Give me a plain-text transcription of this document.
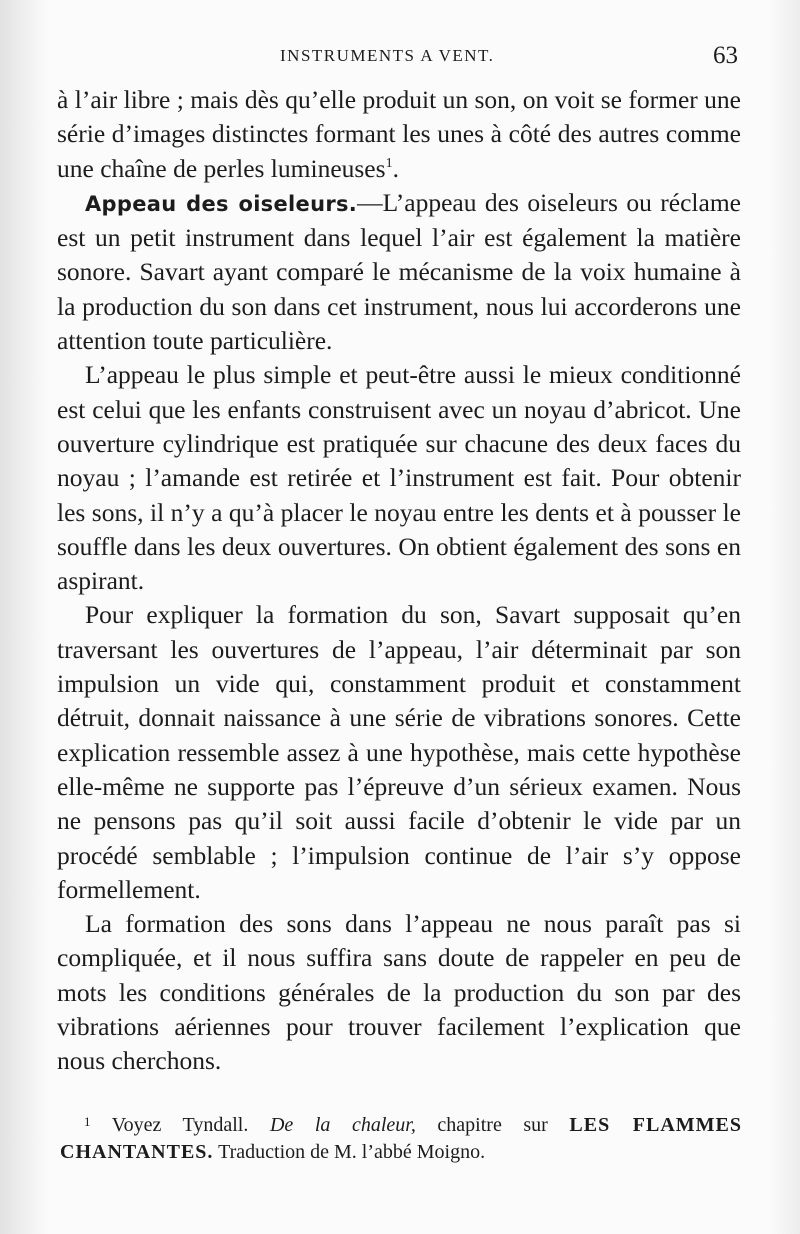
INSTRUMENTS A VENT.	63

à l’air libre ; mais dès qu’elle produit un son, on voit se former une série d’images distinctes formant les unes à côté des autres comme une chaîne de perles lumineuses$^1$.

Appeau des oiseleurs.—L’appeau des oiseleurs ou réclame est un petit instrument dans lequel l’air est également la matière sonore. Savart ayant comparé le mécanisme de la voix humaine à la production du son dans cet instrument, nous lui accorderons une attention toute particulière.

L’appeau le plus simple et peut-être aussi le mieux conditionné est celui que les enfants construisent avec un noyau d’abricot. Une ouverture cylindrique est pratiquée sur chacune des deux faces du noyau ; l’amande est retirée et l’instrument est fait. Pour obtenir les sons, il n’y a qu’à placer le noyau entre les dents et à pousser le souffle dans les deux ouvertures. On obtient également des sons en aspirant.

Pour expliquer la formation du son, Savart supposait qu’en traversant les ouvertures de l’appeau, l’air déterminait par son impulsion un vide qui, constamment produit et constamment détruit, donnait naissance à une série de vibrations sonores. Cette explication ressemble assez à une hypothèse, mais cette hypothèse elle-même ne supporte pas l’épreuve d’un sérieux examen. Nous ne pensons pas qu’il soit aussi facile d’obtenir le vide par un procédé semblable ; l’impulsion continue de l’air s’y oppose formellement.

La formation des sons dans l’appeau ne nous paraît pas si compliquée, et il nous suffira sans doute de rappeler en peu de mots les conditions générales de la production du son par des vibrations aériennes pour trouver facilement l’explication que nous cherchons.

$^1$ Voyez Tyndall. De la chaleur, chapitre sur LES FLAMMES CHANTANTES. Traduction de M. l’abbé Moigno.
